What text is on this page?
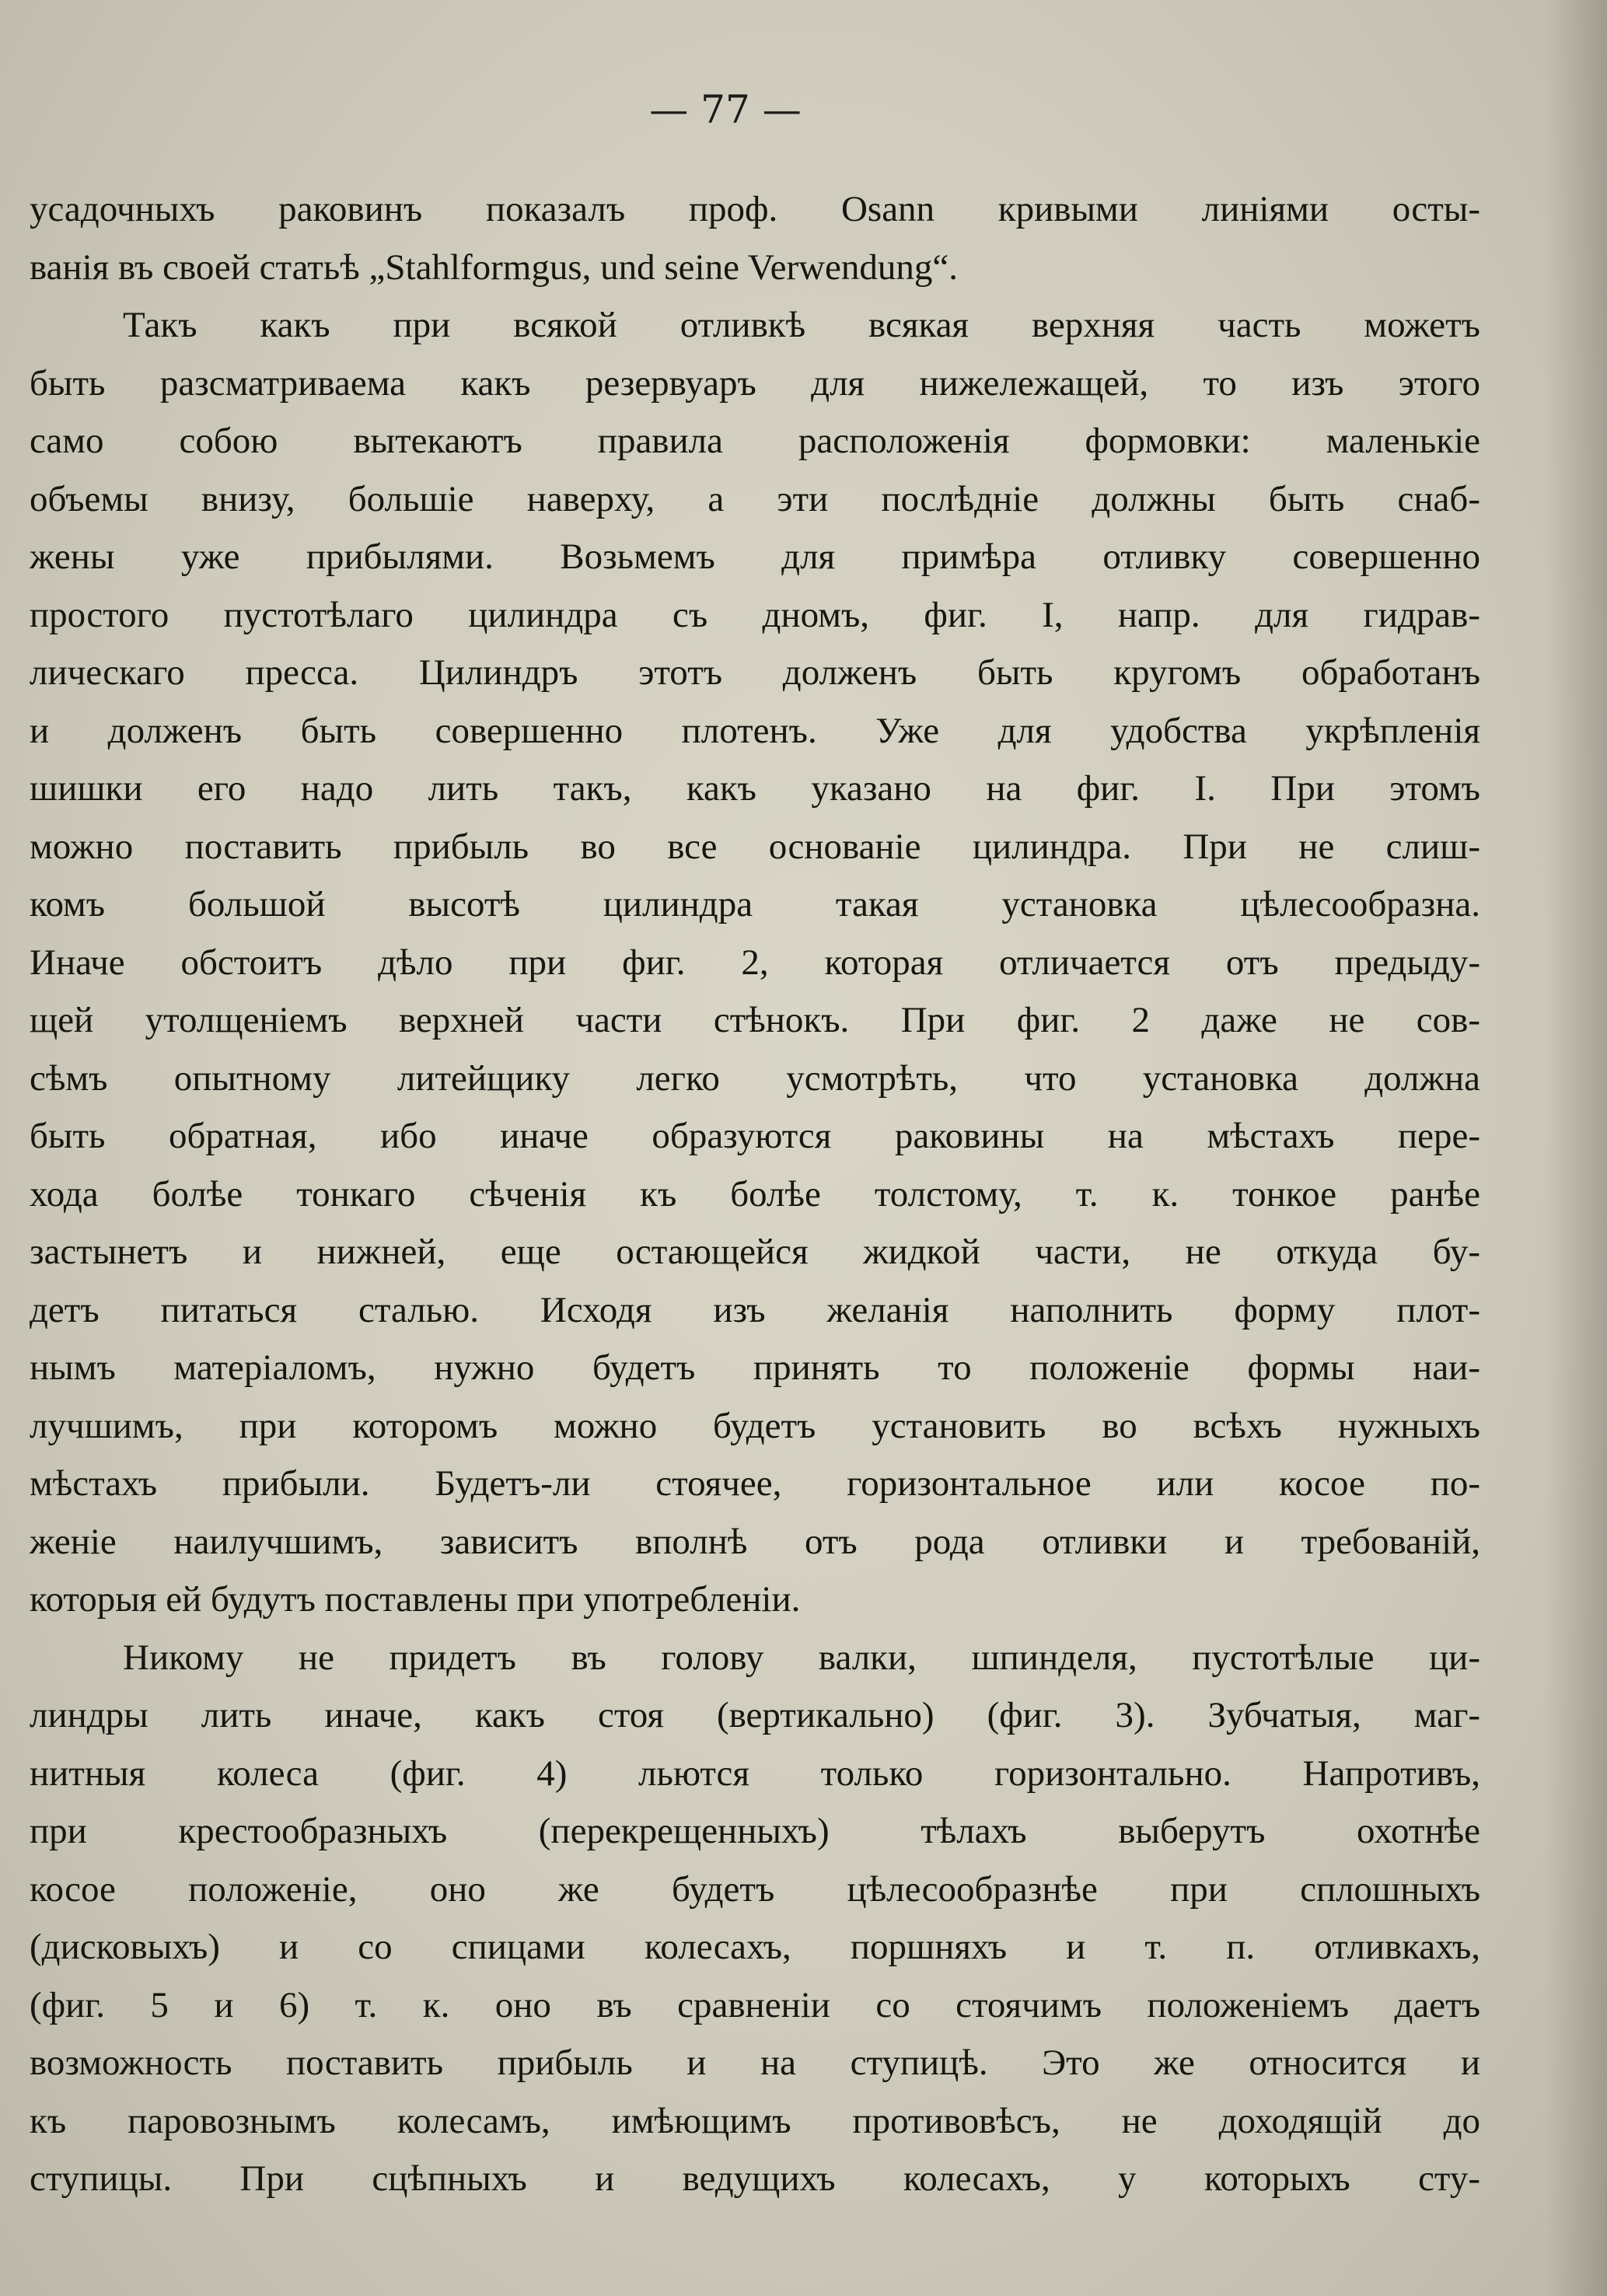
— 77 —
усадочныхъ раковинъ показалъ проф. Osann кривыми линіями осты-
ванія въ своей статьѣ „Stahlformgus, und seine Verwendung“.
Такъ какъ при всякой отливкѣ всякая верхняя часть можетъ
быть разсматриваема какъ резервуаръ для нижележащей, то изъ этого
само собою вытекаютъ правила расположенія формовки: маленькіе
объемы внизу, большіе наверху, а эти послѣдніе должны быть снаб-
жены уже прибылями. Возьмемъ для примѣра отливку совершенно
простого пустотѣлаго цилиндра съ дномъ, фиг. I, напр. для гидрав-
лическаго пресса. Цилиндръ этотъ долженъ быть кругомъ обработанъ
и долженъ быть совершенно плотенъ. Уже для удобства укрѣпленія
шишки его надо лить такъ, какъ указано на фиг. I. При этомъ
можно поставить прибыль во все основаніе цилиндра. При не слиш-
комъ большой высотѣ цилиндра такая установка цѣлесообразна.
Иначе обстоитъ дѣло при фиг. 2, которая отличается отъ предыду-
щей утолщеніемъ верхней части стѣнокъ. При фиг. 2 даже не сов-
сѣмъ опытному литейщику легко усмотрѣть, что установка должна
быть обратная, ибо иначе образуются раковины на мѣстахъ пере-
хода болѣе тонкаго сѣченія къ болѣе толстому, т. к. тонкое ранѣе
застынетъ и нижней, еще остающейся жидкой части, не откуда бу-
детъ питаться сталью. Исходя изъ желанія наполнить форму плот-
нымъ матеріаломъ, нужно будетъ принять то положеніе формы наи-
лучшимъ, при которомъ можно будетъ установить во всѣхъ нужныхъ
мѣстахъ прибыли. Будетъ-ли стоячее, горизонтальное или косое по-
женіе наилучшимъ, зависитъ вполнѣ отъ рода отливки и требованій,
которыя ей будутъ поставлены при употребленіи.
Никому не придетъ въ голову валки, шпинделя, пустотѣлые ци-
линдры лить иначе, какъ стоя (вертикально) (фиг. 3). Зубчатыя, маг-
нитныя колеса (фиг. 4) льются только горизонтально. Напротивъ,
при крестообразныхъ (перекрещенныхъ) тѣлахъ выберутъ охотнѣе
косое положеніе, оно же будетъ цѣлесообразнѣе при сплошныхъ
(дисковыхъ) и со спицами колесахъ, поршняхъ и т. п. отливкахъ,
(фиг. 5 и 6) т. к. оно въ сравненіи со стоячимъ положеніемъ даетъ
возможность поставить прибыль и на ступицѣ. Это же относится и
къ паровознымъ колесамъ, имѣющимъ противовѣсъ, не доходящій до
ступицы. При сцѣпныхъ и ведущихъ колесахъ, у которыхъ сту-
